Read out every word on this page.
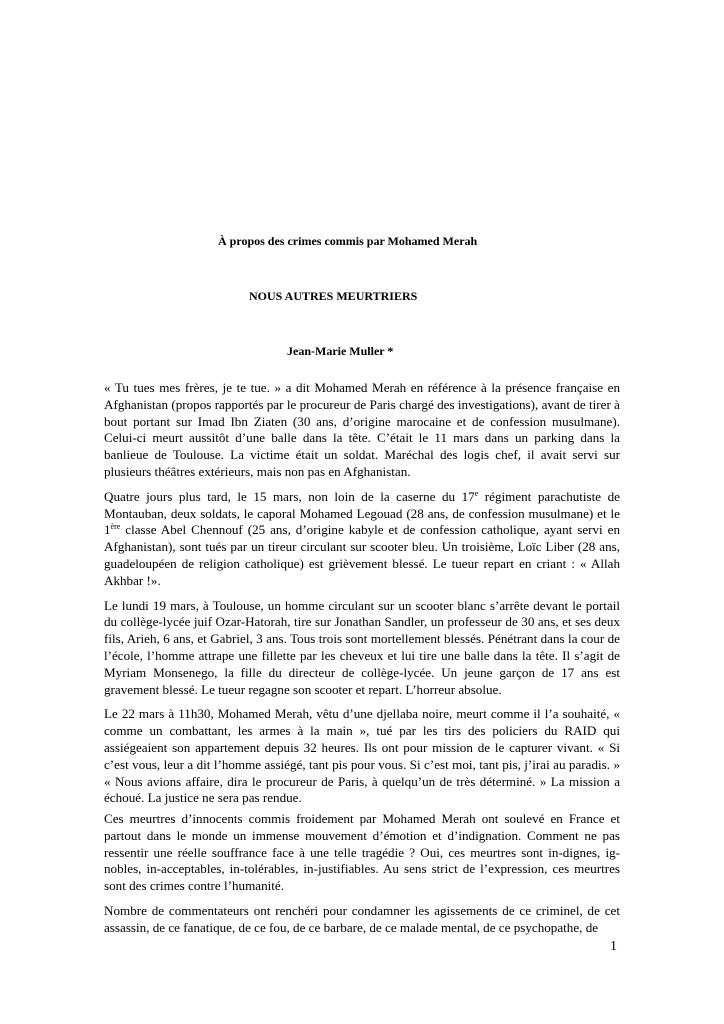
À propos des crimes commis par Mohamed Merah
NOUS AUTRES MEURTRIERS
Jean-Marie Muller *

« Tu tues mes frères, je te tue. » a dit Mohamed Merah en référence à la présence française en Afghanistan (propos rapportés par le procureur de Paris chargé des investigations), avant de tirer à bout portant sur Imad Ibn Ziaten (30 ans, d’origine marocaine et de confession musulmane). Celui-ci meurt aussitôt d’une balle dans la tête. C’était le 11 mars dans un parking dans la banlieue de Toulouse. La victime était un soldat. Maréchal des logis chef, il avait servi sur plusieurs théâtres extérieurs, mais non pas en Afghanistan.

Quatre jours plus tard, le 15 mars, non loin de la caserne du 17e régiment parachutiste de Montauban, deux soldats, le caporal Mohamed Legouad (28 ans, de confession musulmane) et le 1ère classe Abel Chennouf (25 ans, d’origine kabyle et de confession catholique, ayant servi en Afghanistan), sont tués par un tireur circulant sur scooter bleu. Un troisième, Loïc Liber (28 ans, guadeloupéen de religion catholique) est grièvement blessé. Le tueur repart en criant : « Allah Akhbar !».

Le lundi 19 mars, à Toulouse, un homme circulant sur un scooter blanc s’arrête devant le portail du collège-lycée juif Ozar-Hatorah, tire sur Jonathan Sandler, un professeur de 30 ans, et ses deux fils, Arieh, 6 ans, et Gabriel, 3 ans. Tous trois sont mortellement blessés. Pénétrant dans la cour de l’école, l’homme attrape une fillette par les cheveux et lui tire une balle dans la tête. Il s’agit de Myriam Monsenego, la fille du directeur de collège-lycée. Un jeune garçon de 17 ans est gravement blessé. Le tueur regagne son scooter et repart. L’horreur absolue.

Le 22 mars à 11h30, Mohamed Merah, vêtu d’une djellaba noire, meurt comme il l’a souhaité, « comme un combattant, les armes à la main », tué par les tirs des policiers du RAID qui assiégeaient son appartement depuis 32 heures. Ils ont pour mission de le capturer vivant. « Si c’est vous, leur a dit l’homme assiégé, tant pis pour vous. Si c’est moi, tant pis, j’irai au paradis. » « Nous avions affaire, dira le procureur de Paris, à quelqu’un de très déterminé. » La mission a échoué. La justice ne sera pas rendue.

Ces meurtres d’innocents commis froidement par Mohamed Merah ont soulevé en France et partout dans le monde un immense mouvement d’émotion et d’indignation. Comment ne pas ressentir une réelle souffrance face à une telle tragédie ? Oui, ces meurtres sont in-dignes, ig-nobles, in-acceptables, in-tolérables, in-justifiables. Au sens strict de l’expression, ces meurtres sont des crimes contre l’humanité.

Nombre de commentateurs ont renchéri pour condamner les agissements de ce criminel, de cet assassin, de ce fanatique, de ce fou, de ce barbare, de ce malade mental, de ce psychopathe, de

1
